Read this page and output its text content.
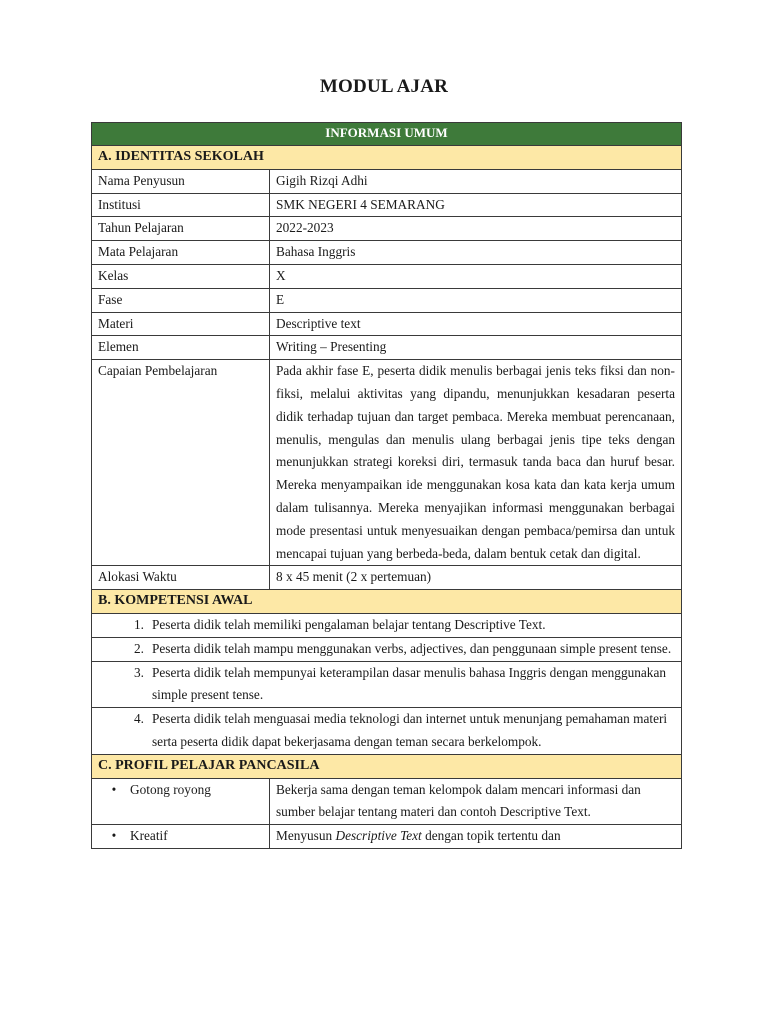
MODUL AJAR
INFORMASI UMUM	
A. IDENTITAS SEKOLAH	
Nama Penyusun	Gigih Rizqi Adhi
Institusi	SMK NEGERI 4 SEMARANG
Tahun Pelajaran	2022-2023
Mata Pelajaran	Bahasa Inggris
Kelas	X
Fase	E
Materi	Descriptive text
Elemen	Writing – Presenting
Capaian Pembelajaran	Pada akhir fase E, peserta didik menulis berbagai jenis teks fiksi dan non-fiksi, melalui aktivitas yang dipandu, menunjukkan kesadaran peserta didik terhadap tujuan dan target pembaca. Mereka membuat perencanaan, menulis, mengulas dan menulis ulang berbagai jenis tipe teks dengan menunjukkan strategi koreksi diri, termasuk tanda baca dan huruf besar. Mereka menyampaikan ide menggunakan kosa kata dan kata kerja umum dalam tulisannya. Mereka menyajikan informasi menggunakan berbagai mode presentasi untuk menyesuaikan dengan pembaca/pemirsa dan untuk mencapai tujuan yang berbeda-beda, dalam bentuk cetak dan digital.
Alokasi Waktu	8 x 45 menit (2 x pertemuan)
B. KOMPETENSI AWAL	

1. Peserta didik telah memiliki pengalaman belajar tentang Descriptive Text.	

2. Peserta didik telah mampu menggunakan verbs, adjectives, dan penggunaan simple present tense.	

3. Peserta didik telah mempunyai keterampilan dasar menulis bahasa Inggris dengan menggunakan simple present tense.	

4. Peserta didik telah menguasai media teknologi dan internet untuk menunjang pemahaman materi serta peserta didik dapat bekerjasama dengan teman secara berkelompok.	

C. PROFIL PELAJAR PANCASILA	

• Gotong royong	Bekerja sama dengan teman kelompok dalam mencari informasi dan sumber belajar tentang materi dan contoh Descriptive Text.

• Kreatif	Menyusun Descriptive Text dengan topik tertentu dan
